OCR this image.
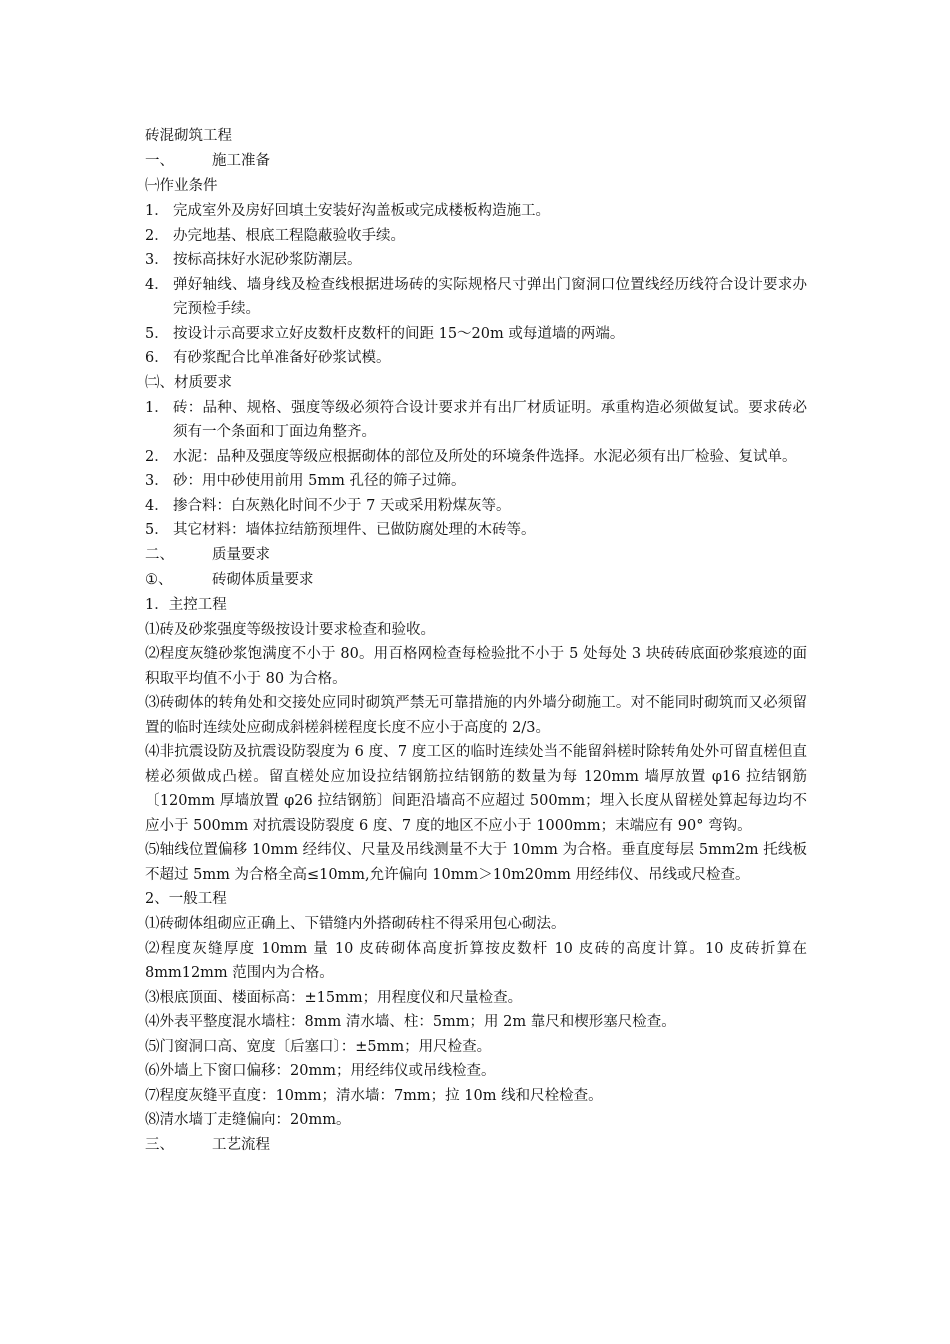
砖混砌筑工程
一、	施工准备
㈠作业条件
1． 完成室外及房好回填土安装好沟盖板或完成楼板构造施工。
2． 办完地基、根底工程隐蔽验收手续。
3． 按标高抹好水泥砂浆防潮层。
4． 弹好轴线、墙身线及检查线根据进场砖的实际规格尺寸弹出门窗洞口位置线经历线符合设计要求办完预检手续。
5． 按设计示高要求立好皮数杆皮数杆的间距 15～20m 或每道墙的两端。
6． 有砂浆配合比单准备好砂浆试模。
㈡、材质要求
1． 砖：品种、规格、强度等级必须符合设计要求并有出厂材质证明。承重构造必须做复试。要求砖必须有一个条面和丁面边角整齐。
2． 水泥：品种及强度等级应根据砌体的部位及所处的环境条件选择。水泥必须有出厂检验、复试单。
3． 砂：用中砂使用前用 5mm 孔径的筛子过筛。
4． 掺合料：白灰熟化时间不少于 7 天或采用粉煤灰等。
5． 其它材料：墙体拉结筋预埋件、已做防腐处理的木砖等。
二、	质量要求
①、	砖砌体质量要求
1．主控工程

⑴砖及砂浆强度等级按设计要求检查和验收。

⑵程度灰缝砂浆饱满度不小于 80。用百格网检查每检验批不小于 5 处每处 3 块砖砖底面砂浆痕迹的面积取平均值不小于 80 为合格。

⑶砖砌体的转角处和交接处应同时砌筑严禁无可靠措施的内外墙分砌施工。对不能同时砌筑而又必须留置的临时连续处应砌成斜槎斜槎程度长度不应小于高度的 2/3。

⑷非抗震设防及抗震设防裂度为 6 度、7 度工区的临时连续处当不能留斜槎时除转角处外可留直槎但直槎必须做成凸槎。留直槎处应加设拉结钢筋拉结钢筋的数量为每 120mm 墙厚放置 φ16 拉结钢筋〔120mm 厚墙放置 φ26 拉结钢筋〕间距沿墙高不应超过 500mm；埋入长度从留槎处算起每边均不应小于 500mm 对抗震设防裂度 6 度、7 度的地区不应小于 1000mm；末端应有 90° 弯钩。

⑸轴线位置偏移 10mm 经纬仪、尺量及吊线测量不大于 10mm 为合格。垂直度每层 5mm2m 托线板不超过 5mm 为合格全高≤10mm,允许偏向 10mm＞10m20mm 用经纬仪、吊线或尺检查。

2、一般工程

⑴砖砌体组砌应正确上、下错缝内外搭砌砖柱不得采用包心砌法。

⑵程度灰缝厚度 10mm 量 10 皮砖砌体高度折算按皮数杆 10 皮砖的高度计算。10 皮砖折算在 8mm12mm 范围内为合格。

⑶根底顶面、楼面标高：±15mm；用程度仪和尺量检查。

⑷外表平整度混水墙柱：8mm 清水墙、柱：5mm；用 2m 靠尺和楔形塞尺检查。

⑸门窗洞口高、宽度〔后塞口〕：±5mm；用尺检查。

⑹外墙上下窗口偏移：20mm；用经纬仪或吊线检查。

⑺程度灰缝平直度：10mm；清水墙：7mm；拉 10m 线和尺栓检查。

⑻清水墙丁走缝偏向：20mm。

三、	工艺流程
